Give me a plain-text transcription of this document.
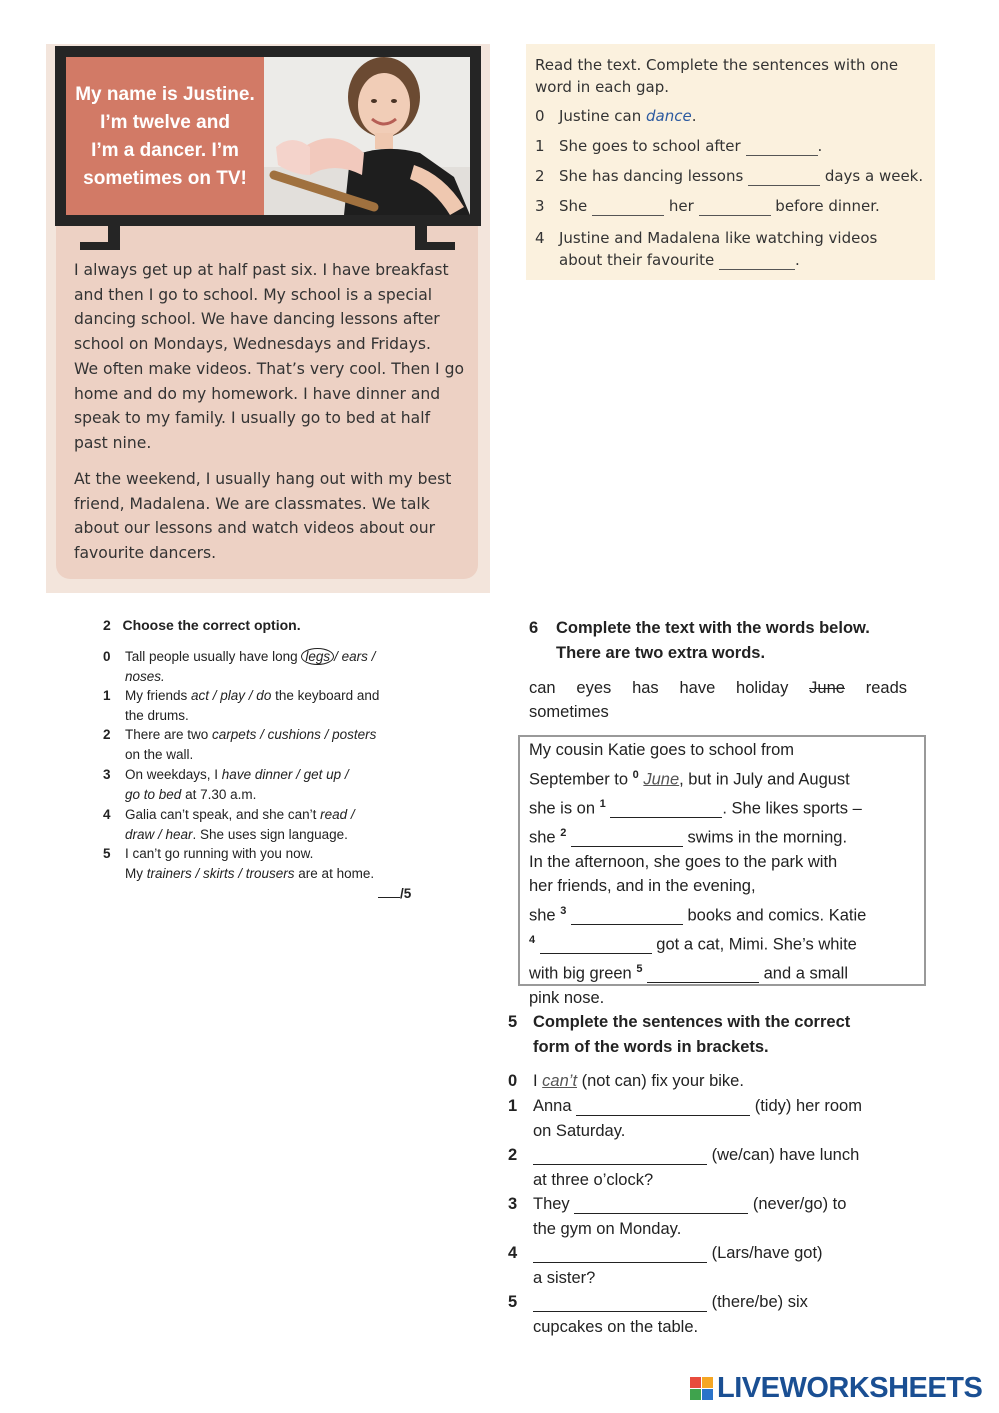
My name is Justine.
I’m twelve and
I’m a dancer. I’m
sometimes on TV!
I always get up at half past six. I have breakfast
and then I go to school. My school is a special
dancing school. We have dancing lessons after
school on Mondays, Wednesdays and Fridays.
We often make videos. That’s very cool. Then I go
home and do my homework. I have dinner and
speak to my family. I usually go to bed at half
past nine.
At the weekend, I usually hang out with my best
friend, Madalena. We are classmates. We talk
about our lessons and watch videos about our
favourite dancers.
Read the text. Complete the sentences with one
word in each gap.
0 Justine can dance.
1 She goes to school after	.
2 She has dancing lessons	days a week.
3 She	her	before dinner.
4 Justine and Madalena like watching videos
about their favourite	.
2 Choose the correct option.
0	Tall people usually have long legs / ears /
noses.
1	My friends act / play / do the keyboard and
the drums.
2	There are two carpets / cushions / posters
on the wall.
3	On weekdays, I have dinner / get up /
go to bed at 7.30 a.m.
4	Galia can’t speak, and she can’t read /
draw / hear. She uses sign language.
5	I can’t go running with you now.
My trainers / skirts / trousers are at home.
/5
6 Complete the text with the words below.
There are two extra words.
can eyes has have holiday June reads
sometimes
My cousin Katie goes to school from
September to $^0$ June, but in July and August
she is on $^1$	. She likes sports –
she $^2$	swims in the morning.
In the afternoon, she goes to the park with
her friends, and in the evening,
she $^3$	books and comics. Katie
$^4$	got a cat, Mimi. She’s white
with big green $^5$	and a small
pink nose.
5 Complete the sentences with the correct
form of the words in brackets.
0 I can’t (not can) fix your bike.
1 Anna	(tidy) her room
on Saturday.
2	(we/can) have lunch
at three o’clock?
3 They	(never/go) to
the gym on Monday.
4	(Lars/have got)
a sister?
5	(there/be) six
cupcakes on the table.
LIVEWORKSHEETS
